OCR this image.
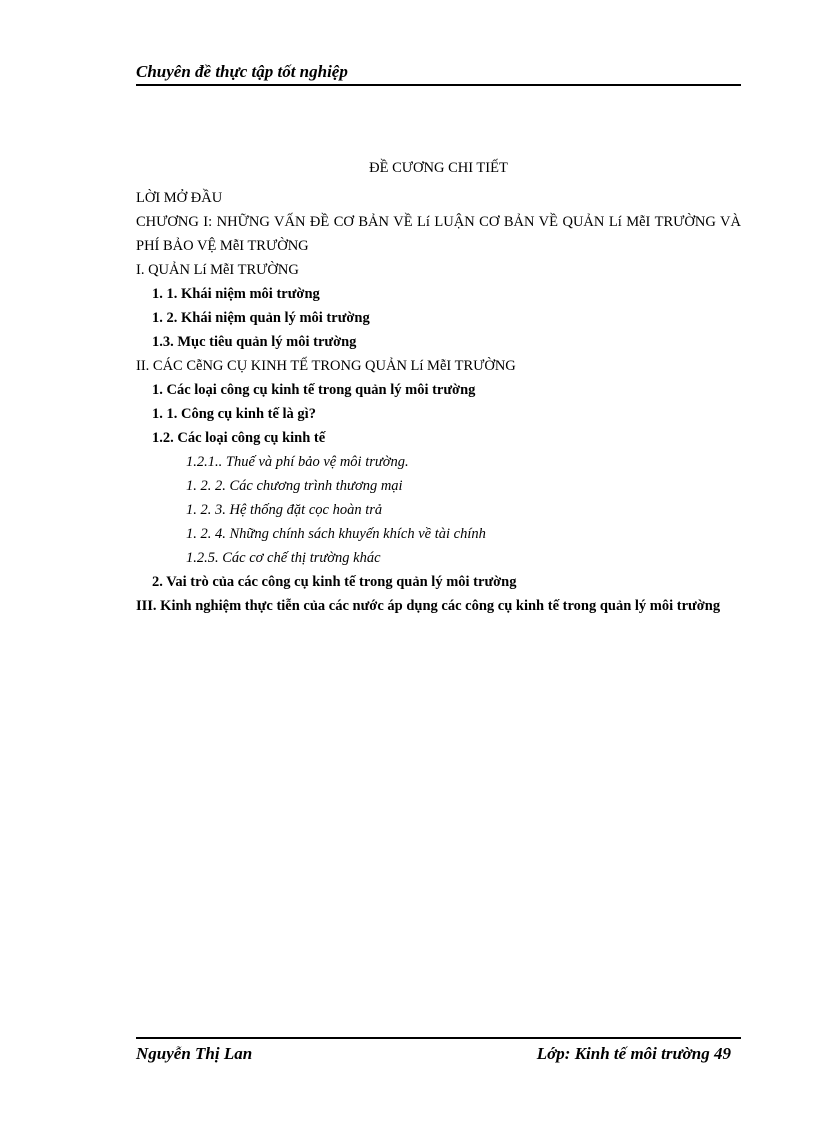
Chuyên đề thực tập tốt nghiệp
ĐỀ CƯƠNG CHI TIẾT
LỜI MỞ ĐẦU
CHƯƠNG I: NHỮNG VẤN ĐỀ CƠ BẢN VỀ Lí LUẬN CƠ BẢN VỀ QUẢN Lí MễI TRƯỜNG VÀ PHÍ BẢO VỆ MễI TRƯỜNG
I. QUẢN Lí MễI TRƯỜNG
1. 1. Khái niệm môi trường
1. 2. Khái niệm quản lý môi trường
1.3. Mục tiêu quản lý môi trường
II. CÁC CễNG CỤ KINH TẾ TRONG QUẢN Lí MễI TRƯỜNG
1. Các loại công cụ kinh tế trong quản lý môi trường
1. 1. Công cụ kinh tế là gì?
1.2. Các loại công cụ kinh tế
1.2.1.. Thuế và phí bảo vệ môi trường.
1. 2. 2. Các chương trình thương mại
1. 2. 3. Hệ thống đặt cọc hoàn trả
1. 2. 4. Những chính sách khuyến khích về tài chính
1.2.5. Các cơ chế thị trường khác
2. Vai trò của các công cụ kinh tế trong quản lý môi trường
III. Kinh nghiệm thực tiễn của các nước áp dụng các công cụ kinh tế trong quản lý môi trường
Nguyễn Thị Lan	Lớp: Kinh tế môi trường 49
